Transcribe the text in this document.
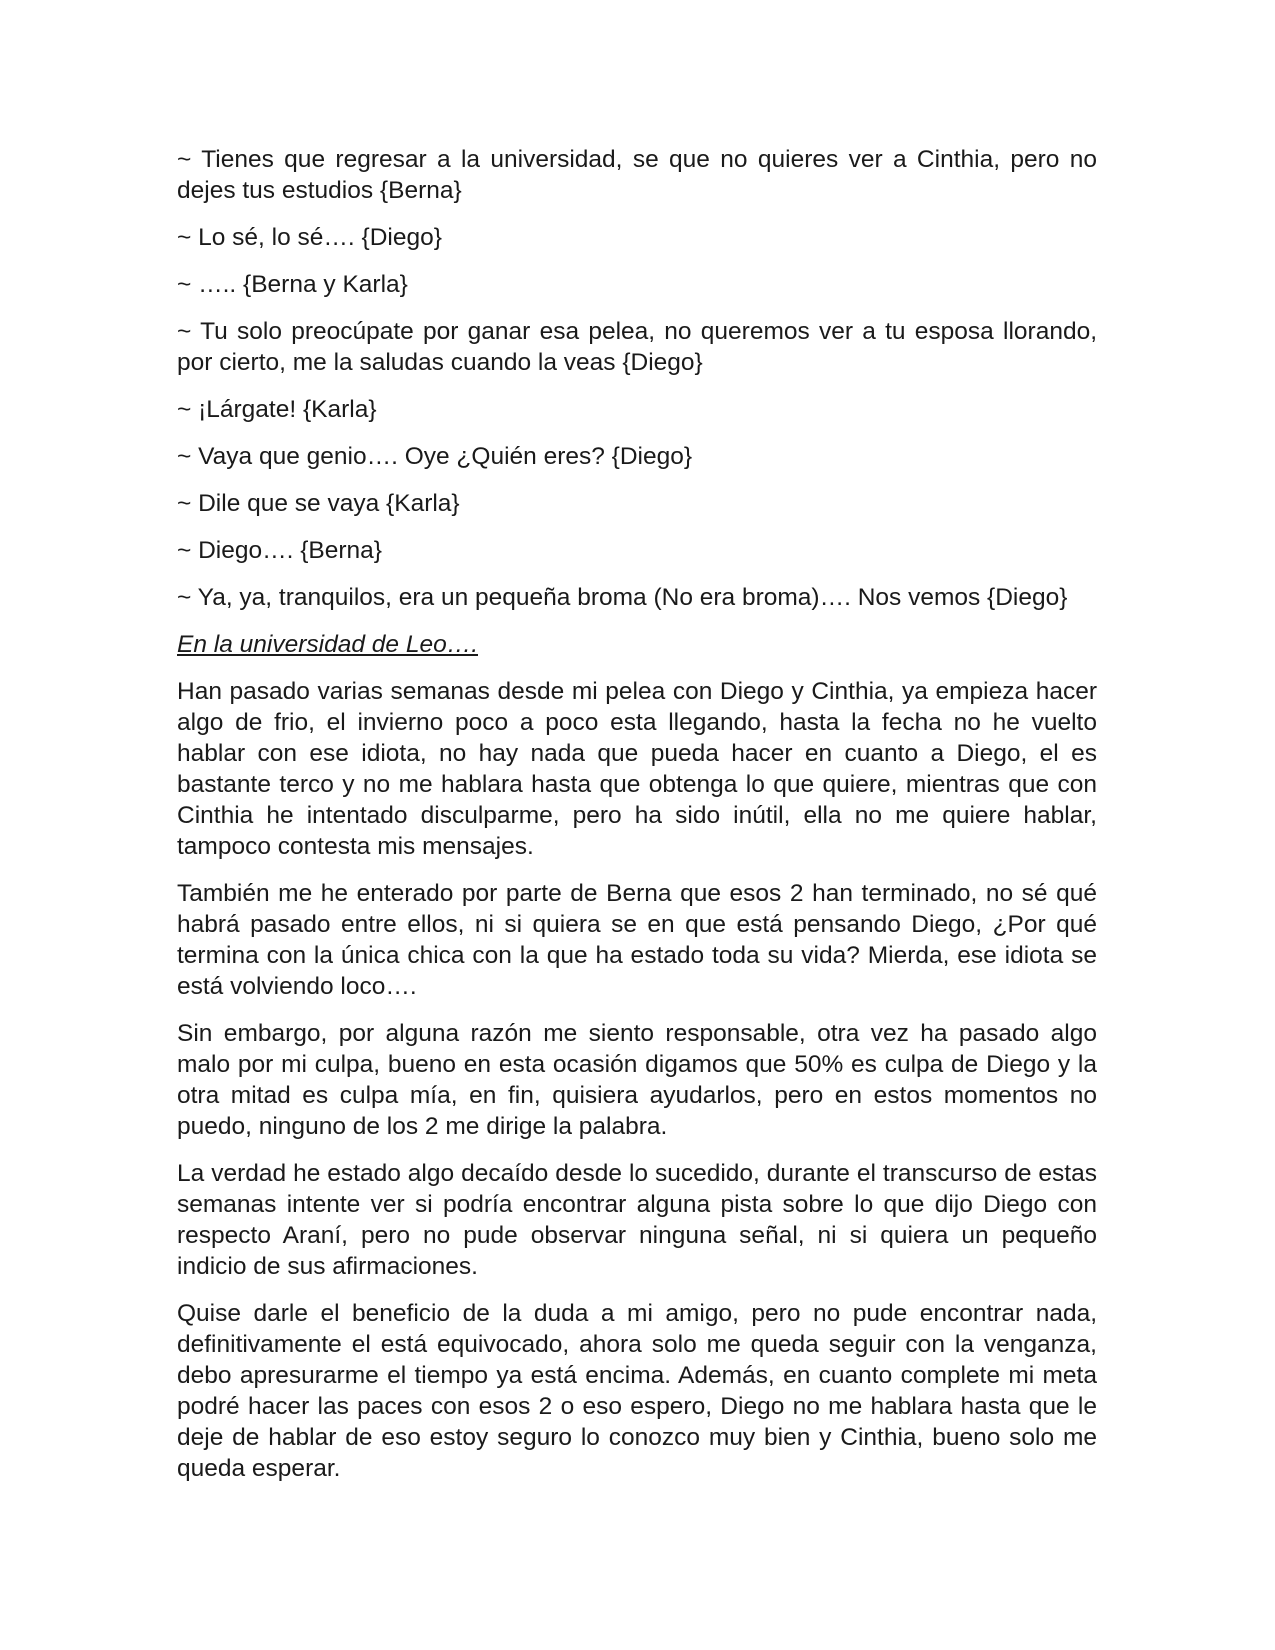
~ Tienes que regresar a la universidad, se que no quieres ver a Cinthia, pero no dejes tus estudios {Berna}

~ Lo sé, lo sé…. {Diego}

~ ….. {Berna y Karla}

~ Tu solo preocúpate por ganar esa pelea, no queremos ver a tu esposa llorando, por cierto, me la saludas cuando la veas {Diego}

~ ¡Lárgate! {Karla}

~ Vaya que genio…. Oye ¿Quién eres? {Diego}

~ Dile que se vaya {Karla}

~ Diego…. {Berna}

~ Ya, ya, tranquilos, era un pequeña broma (No era broma)…. Nos vemos {Diego}

En la universidad de Leo….

Han pasado varias semanas desde mi pelea con Diego y Cinthia, ya empieza hacer algo de frio, el invierno poco a poco esta llegando, hasta la fecha no he vuelto hablar con ese idiota, no hay nada que pueda hacer en cuanto a Diego, el es bastante terco y no me hablara hasta que obtenga lo que quiere, mientras que con Cinthia he intentado disculparme, pero ha sido inútil, ella no me quiere hablar, tampoco contesta mis mensajes.

También me he enterado por parte de Berna que esos 2 han terminado, no sé qué habrá pasado entre ellos, ni si quiera se en que está pensando Diego, ¿Por qué termina con la única chica con la que ha estado toda su vida? Mierda, ese idiota se está volviendo loco….

Sin embargo, por alguna razón me siento responsable, otra vez ha pasado algo malo por mi culpa, bueno en esta ocasión digamos que 50% es culpa de Diego y la otra mitad es culpa mía, en fin, quisiera ayudarlos, pero en estos momentos no puedo, ninguno de los 2 me dirige la palabra.

La verdad he estado algo decaído desde lo sucedido, durante el transcurso de estas semanas intente ver si podría encontrar alguna pista sobre lo que dijo Diego con respecto Araní, pero no pude observar ninguna señal, ni si quiera un pequeño indicio de sus afirmaciones.

Quise darle el beneficio de la duda a mi amigo, pero no pude encontrar nada, definitivamente el está equivocado, ahora solo me queda seguir con la venganza, debo apresurarme el tiempo ya está encima. Además, en cuanto complete mi meta podré hacer las paces con esos 2 o eso espero, Diego no me hablara hasta que le deje de hablar de eso estoy seguro lo conozco muy bien y Cinthia, bueno solo me queda esperar.
